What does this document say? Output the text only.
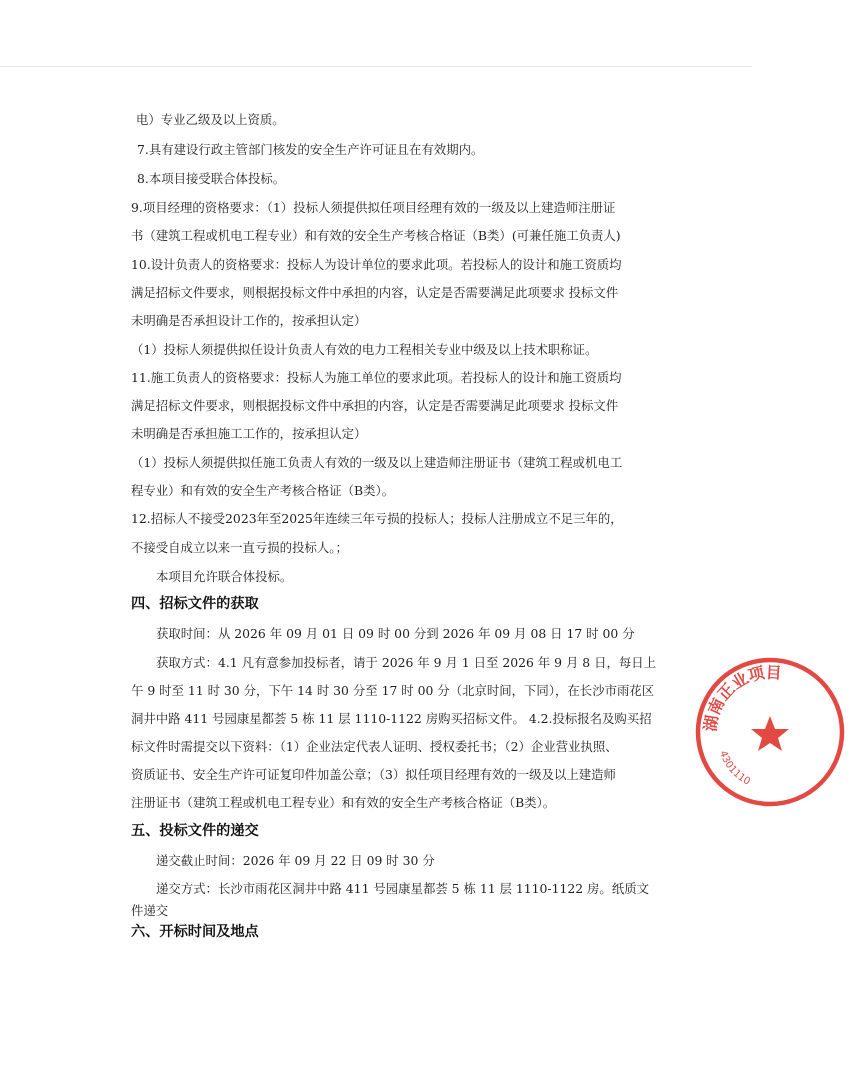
电）专业乙级及以上资质。
7.具有建设行政主管部门核发的安全生产许可证且在有效期内。
8.本项目接受联合体投标。
9.项目经理的资格要求：（1）投标人须提供拟任项目经理有效的一级及以上建造师注册证
书（建筑工程或机电工程专业）和有效的安全生产考核合格证（B类）(可兼任施工负责人)
10.设计负责人的资格要求：投标人为设计单位的要求此项。若投标人的设计和施工资质均
满足招标文件要求，则根据投标文件中承担的内容，认定是否需要满足此项要求 投标文件
未明确是否承担设计工作的，按承担认定）
（1）投标人须提供拟任设计负责人有效的电力工程相关专业中级及以上技术职称证。
11.施工负责人的资格要求：投标人为施工单位的要求此项。若投标人的设计和施工资质均
满足招标文件要求，则根据投标文件中承担的内容，认定是否需要满足此项要求 投标文件
未明确是否承担施工工作的，按承担认定）
（1）投标人须提供拟任施工负责人有效的一级及以上建造师注册证书（建筑工程或机电工
程专业）和有效的安全生产考核合格证（B类）。
12.招标人不接受2023年至2025年连续三年亏损的投标人；投标人注册成立不足三年的，
不接受自成立以来一直亏损的投标人。；
本项目允许联合体投标。
四、招标文件的获取
获取时间：从 2026 年 09 月 01 日 09 时 00 分到 2026 年 09 月 08 日 17 时 00 分
获取方式：4.1 凡有意参加投标者，请于 2026 年 9 月 1 日至 2026 年 9 月 8 日，每日上
午 9 时至 11 时 30 分，下午 14 时 30 分至 17 时 00 分（北京时间，下同），在长沙市雨花区
洞井中路 411 号园康星都荟 5 栋 11 层 1110-1122 房购买招标文件。 4.2.投标报名及购买招
标文件时需提交以下资料：（1）企业法定代表人证明、授权委托书；（2）企业营业执照、
资质证书、安全生产许可证复印件加盖公章；（3）拟任项目经理有效的一级及以上建造师
注册证书（建筑工程或机电工程专业）和有效的安全生产考核合格证（B类）。
五、投标文件的递交
递交截止时间：2026 年 09 月 22 日 09 时 30 分
递交方式：长沙市雨花区洞井中路 411 号园康星都荟 5 栋 11 层 1110-1122 房。纸质文
件递交
六、开标时间及地点
湖南正业项目
4301110
